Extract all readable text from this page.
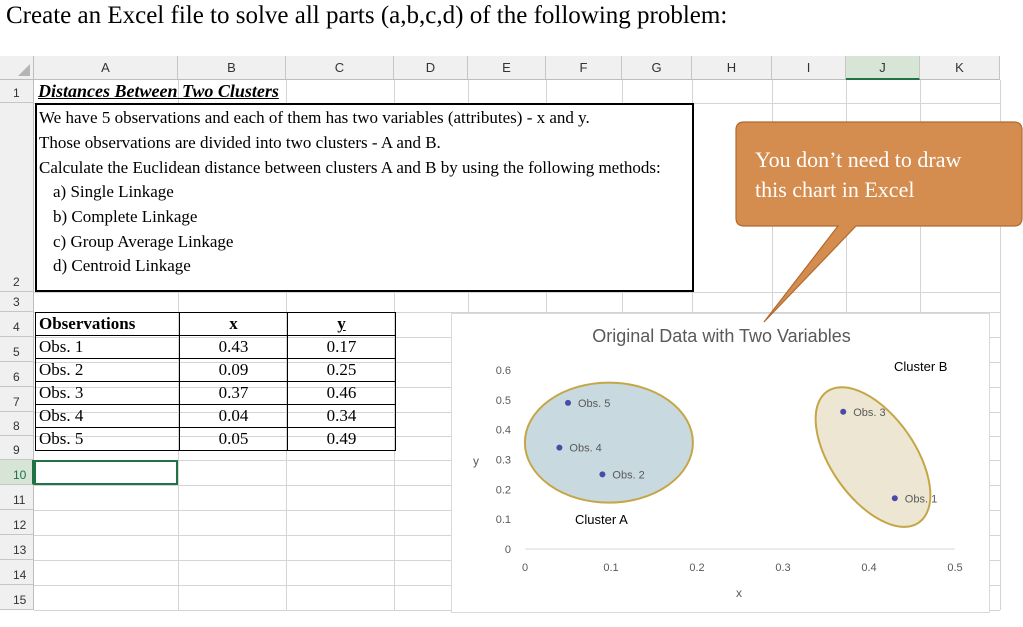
Create an Excel file to solve all parts (a,b,c,d) of the following problem:
A	B	C	D	E	F	G	H	I	J	K
1
2
3
4
5
6
7
8
9
10
11
12
13
14
15
Distances Between Two Clusters
We have 5 observations and each of them has two variables (attributes) - x and y.
Those observations are divided into two clusters - A and B.
Calculate the Euclidean distance between clusters A and B by using the following methods:
a) Single Linkage
b) Complete Linkage
c) Group Average Linkage
d) Centroid Linkage
Observations	x	y
Obs. 1	0.43	0.17
Obs. 2	0.09	0.25
Obs. 3	0.37	0.46
Obs. 4	0.04	0.34
Obs. 5	0.05	0.49
Original Data with Two Variables
0
0.1
0.2
0.3
0.4
0.5
0.6
0	0.1	0.2	0.3	0.4	0.5
Obs. 1
Obs. 2
Obs. 3
Obs. 4
Obs. 5
y
x
Cluster A
Cluster B
You don’t need to draw
this chart in Excel
